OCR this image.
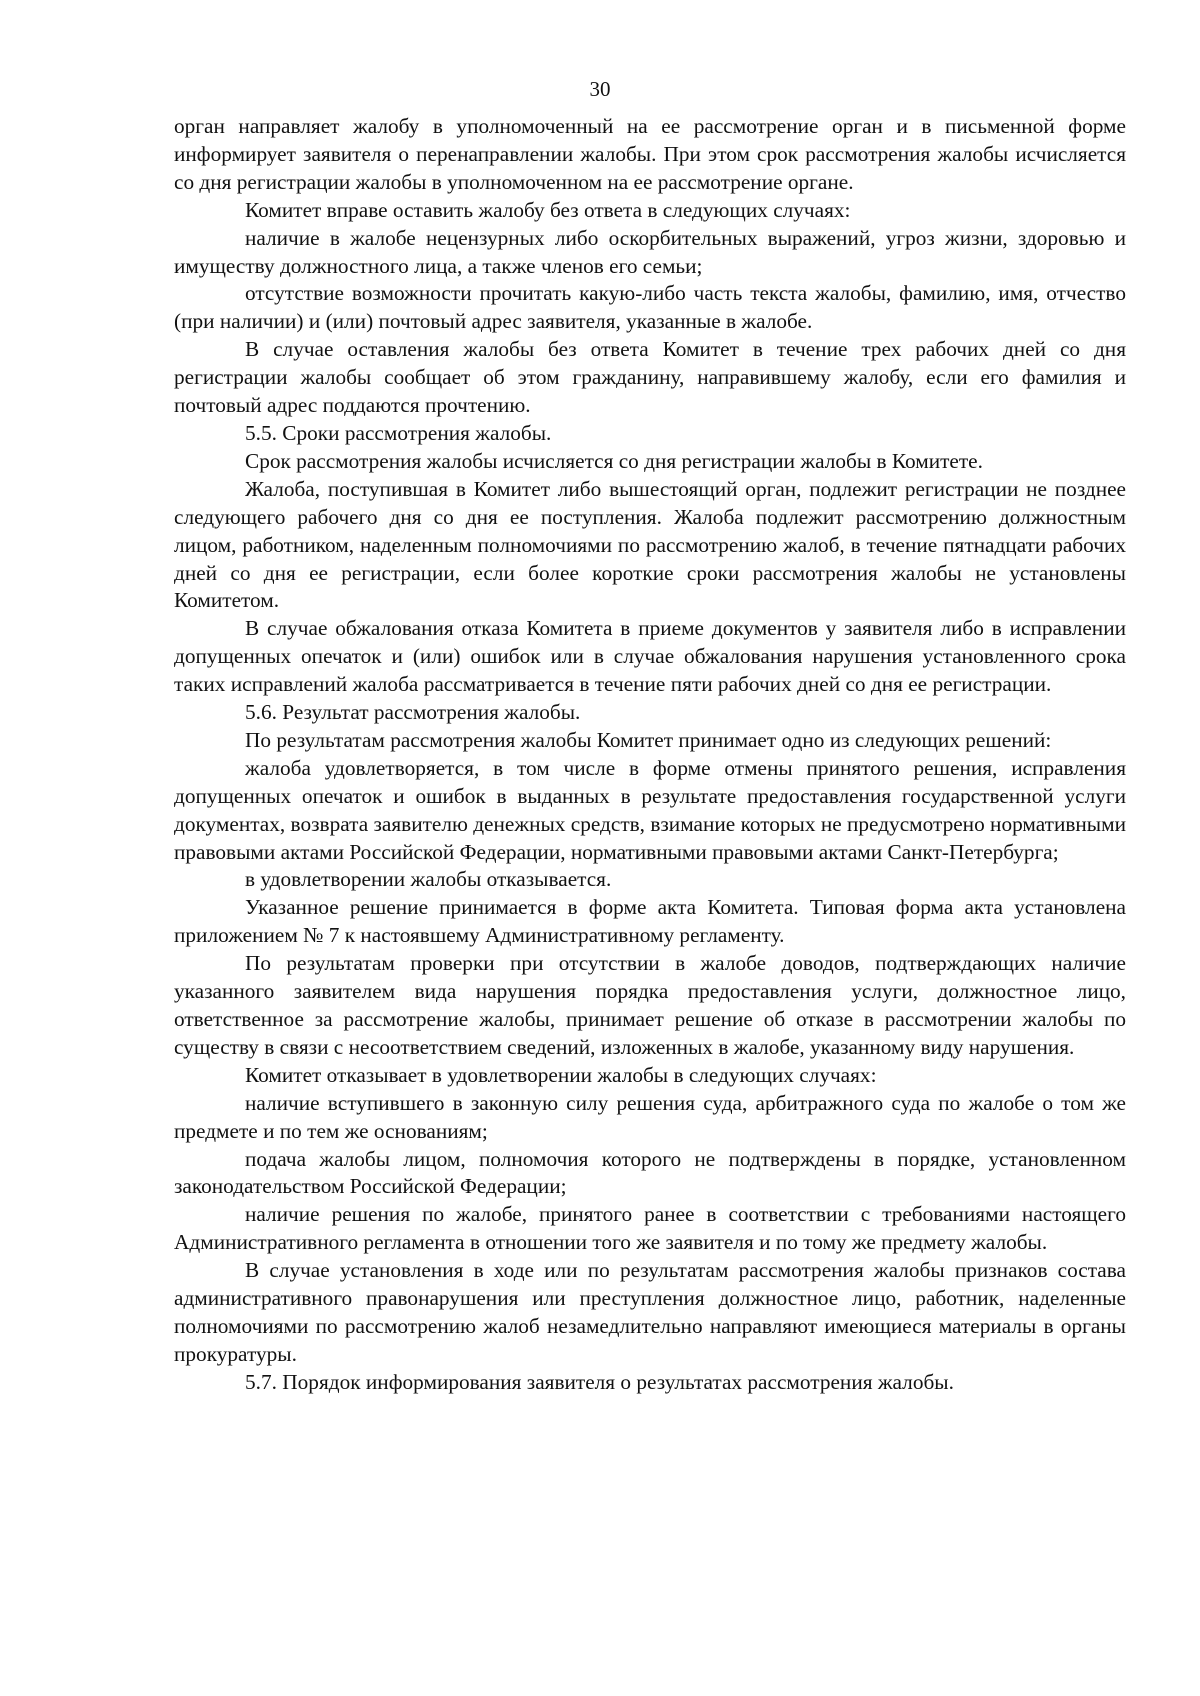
30

орган направляет жалобу в уполномоченный на ее рассмотрение орган и в письменной форме информирует заявителя о перенаправлении жалобы. При этом срок рассмотрения жалобы исчисляется со дня регистрации жалобы в уполномоченном на ее рассмотрение органе.

Комитет вправе оставить жалобу без ответа в следующих случаях:

наличие в жалобе нецензурных либо оскорбительных выражений, угроз жизни, здоровью и имуществу должностного лица, а также членов его семьи;

отсутствие возможности прочитать какую-либо часть текста жалобы, фамилию, имя, отчество (при наличии) и (или) почтовый адрес заявителя, указанные в жалобе.

В случае оставления жалобы без ответа Комитет в течение трех рабочих дней со дня регистрации жалобы сообщает об этом гражданину, направившему жалобу, если его фамилия и почтовый адрес поддаются прочтению.

5.5. Сроки рассмотрения жалобы.

Срок рассмотрения жалобы исчисляется со дня регистрации жалобы в Комитете.

Жалоба, поступившая в Комитет либо вышестоящий орган, подлежит регистрации не позднее следующего рабочего дня со дня ее поступления. Жалоба подлежит рассмотрению должностным лицом, работником, наделенным полномочиями по рассмотрению жалоб, в течение пятнадцати рабочих дней со дня ее регистрации, если более короткие сроки рассмотрения жалобы не установлены Комитетом.

В случае обжалования отказа Комитета в приеме документов у заявителя либо в исправлении допущенных опечаток и (или) ошибок или в случае обжалования нарушения установленного срока таких исправлений жалоба рассматривается в течение пяти рабочих дней со дня ее регистрации.

5.6. Результат рассмотрения жалобы.

По результатам рассмотрения жалобы Комитет принимает одно из следующих решений:

жалоба удовлетворяется, в том числе в форме отмены принятого решения, исправления допущенных опечаток и ошибок в выданных в результате предоставления государственной услуги документах, возврата заявителю денежных средств, взимание которых не предусмотрено нормативными правовыми актами Российской Федерации, нормативными правовыми актами Санкт-Петербурга;

в удовлетворении жалобы отказывается.

Указанное решение принимается в форме акта Комитета. Типовая форма акта установлена приложением № 7 к настоявшему Административному регламенту.

По результатам проверки при отсутствии в жалобе доводов, подтверждающих наличие указанного заявителем вида нарушения порядка предоставления услуги, должностное лицо, ответственное за рассмотрение жалобы, принимает решение об отказе в рассмотрении жалобы по существу в связи с несоответствием сведений, изложенных в жалобе, указанному виду нарушения.

Комитет отказывает в удовлетворении жалобы в следующих случаях:

наличие вступившего в законную силу решения суда, арбитражного суда по жалобе о том же предмете и по тем же основаниям;

подача жалобы лицом, полномочия которого не подтверждены в порядке, установленном законодательством Российской Федерации;

наличие решения по жалобе, принятого ранее в соответствии с требованиями настоящего Административного регламента в отношении того же заявителя и по тому же предмету жалобы.

В случае установления в ходе или по результатам рассмотрения жалобы признаков состава административного правонарушения или преступления должностное лицо, работник, наделенные полномочиями по рассмотрению жалоб незамедлительно направляют имеющиеся материалы в органы прокуратуры.

5.7. Порядок информирования заявителя о результатах рассмотрения жалобы.
